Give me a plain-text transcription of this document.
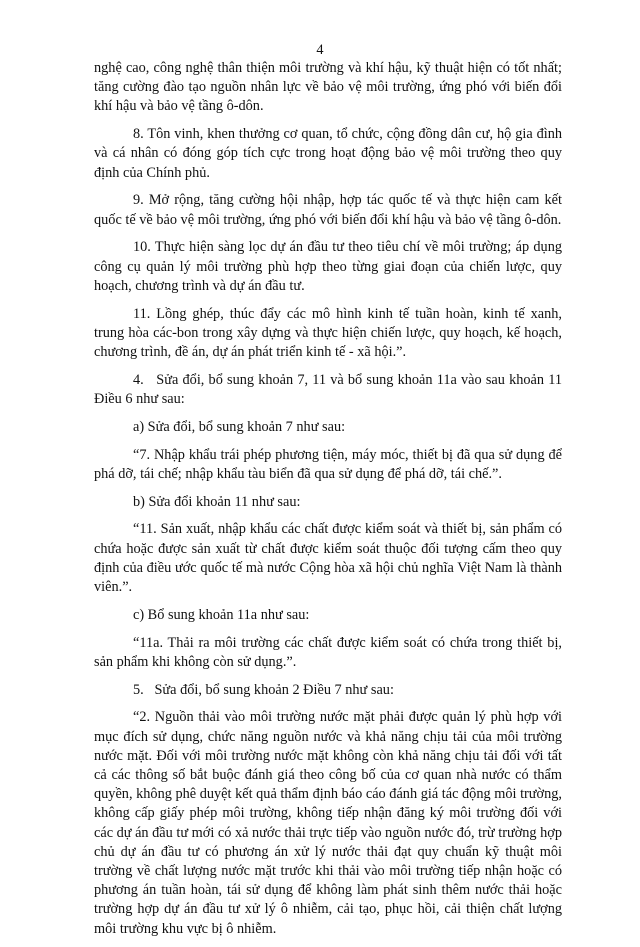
4

nghệ cao, công nghệ thân thiện môi trường và khí hậu, kỹ thuật hiện có tốt nhất; tăng cường đào tạo nguồn nhân lực về bảo vệ môi trường, ứng phó với biến đổi khí hậu và bảo vệ tầng ô-dôn.

8. Tôn vinh, khen thưởng cơ quan, tổ chức, cộng đồng dân cư, hộ gia đình và cá nhân có đóng góp tích cực trong hoạt động bảo vệ môi trường theo quy định của Chính phủ.

9. Mở rộng, tăng cường hội nhập, hợp tác quốc tế và thực hiện cam kết quốc tế về bảo vệ môi trường, ứng phó với biến đổi khí hậu và bảo vệ tầng ô-dôn.

10. Thực hiện sàng lọc dự án đầu tư theo tiêu chí về môi trường; áp dụng công cụ quản lý môi trường phù hợp theo từng giai đoạn của chiến lược, quy hoạch, chương trình và dự án đầu tư.

11. Lồng ghép, thúc đẩy các mô hình kinh tế tuần hoàn, kinh tế xanh, trung hòa các-bon trong xây dựng và thực hiện chiến lược, quy hoạch, kế hoạch, chương trình, đề án, dự án phát triển kinh tế - xã hội.”.

4.   Sửa đổi, bổ sung khoản 7, 11 và bổ sung khoản 11a vào sau khoản 11 Điều 6 như sau:

a) Sửa đổi, bổ sung khoản 7 như sau:

“7. Nhập khẩu trái phép phương tiện, máy móc, thiết bị đã qua sử dụng để phá dỡ, tái chế; nhập khẩu tàu biển đã qua sử dụng để phá dỡ, tái chế.”.

b) Sửa đổi khoản 11 như sau:

“11. Sản xuất, nhập khẩu các chất được kiểm soát và thiết bị, sản phẩm có chứa hoặc được sản xuất từ chất được kiểm soát thuộc đối tượng cấm theo quy định của điều ước quốc tế mà nước Cộng hòa xã hội chủ nghĩa Việt Nam là thành viên.”.

c) Bổ sung khoản 11a như sau:

“11a. Thải ra môi trường các chất được kiểm soát có chứa trong thiết bị, sản phẩm khi không còn sử dụng.”.

5.   Sửa đổi, bổ sung khoản 2 Điều 7 như sau:

“2. Nguồn thải vào môi trường nước mặt phải được quản lý phù hợp với mục đích sử dụng, chức năng nguồn nước và khả năng chịu tải của môi trường nước mặt. Đối với môi trường nước mặt không còn khả năng chịu tải đối với tất cả các thông số bắt buộc đánh giá theo công bố của cơ quan nhà nước có thẩm quyền, không phê duyệt kết quả thẩm định báo cáo đánh giá tác động môi trường, không cấp giấy phép môi trường, không tiếp nhận đăng ký môi trường đối với các dự án đầu tư mới có xả nước thải trực tiếp vào nguồn nước đó, trừ trường hợp chủ dự án đầu tư có phương án xử lý nước thải đạt quy chuẩn kỹ thuật môi trường về chất lượng nước mặt trước khi thải vào môi trường tiếp nhận hoặc có phương án tuần hoàn, tái sử dụng để không làm phát sinh thêm nước thải hoặc trường hợp dự án đầu tư xử lý ô nhiễm, cải tạo, phục hồi, cải thiện chất lượng môi trường khu vực bị ô nhiễm.
